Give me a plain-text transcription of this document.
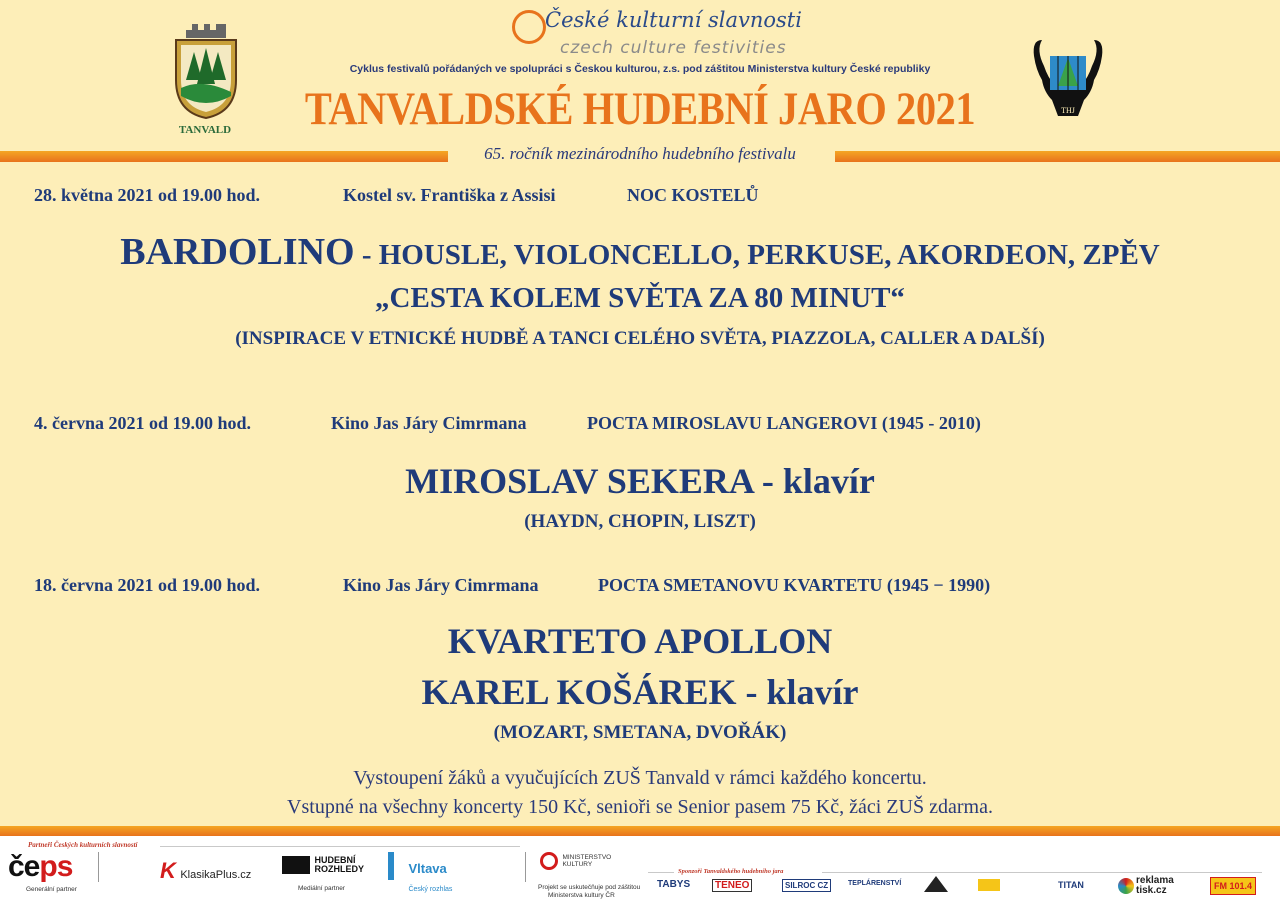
České kulturní slavnosti
czech culture festivities
Cyklus festivalů pořádaných ve spolupráci s Českou kulturou, z.s. pod záštitou Ministerstva kultury České republiky
TANVALDSKÉ HUDEBNÍ JARO 2021
TANVALD
THJ
65. ročník mezinárodního hudebního festivalu
28. května 2021 od 19.00 hod.	Kostel sv. Františka z Assisi	NOC KOSTELŮ
BARDOLINO - HOUSLE, VIOLONCELLO, PERKUSE, AKORDEON, ZPĚV
„CESTA KOLEM SVĚTA ZA 80 MINUT“
(INSPIRACE V ETNICKÉ HUDBĚ A TANCI CELÉHO SVĚTA, PIAZZOLA, CALLER A DALŠÍ)
4. června 2021 od 19.00 hod.	Kino Jas Járy Cimrmana	POCTA MIROSLAVU LANGEROVI (1945 - 2010)
MIROSLAV SEKERA - klavír
(HAYDN, CHOPIN, LISZT)
18. června 2021 od 19.00 hod.	Kino Jas Járy Cimrmana	POCTA SMETANOVU KVARTETU (1945 − 1990)
KVARTETO APOLLON
KAREL KOŠÁREK - klavír
(MOZART, SMETANA, DVOŘÁK)
Vystoupení žáků a vyučujících ZUŠ Tanvald v rámci každého koncertu.
Vstupné na všechny koncerty 150 Kč, senioři se Senior pasem 75 Kč, žáci ZUŠ zdarma.
Partneři Českých kulturních slavností
čeps
Generální partner
K KlasikaPlus.cz
HUDEBNÍ
ROZHLEDY
Mediální partner
Vltava
Český rozhlas
MINISTERSTVO
KULTURY
Projekt se uskutečňuje pod záštitou
Ministerstva kultury ČR
Sponzoři Tanvaldského hudebního jara
TABYS	TENEO	SILROC CZ	TEPLÁRENSTVÍ	TITAN	reklama
tisk.cz	FM 101.4
